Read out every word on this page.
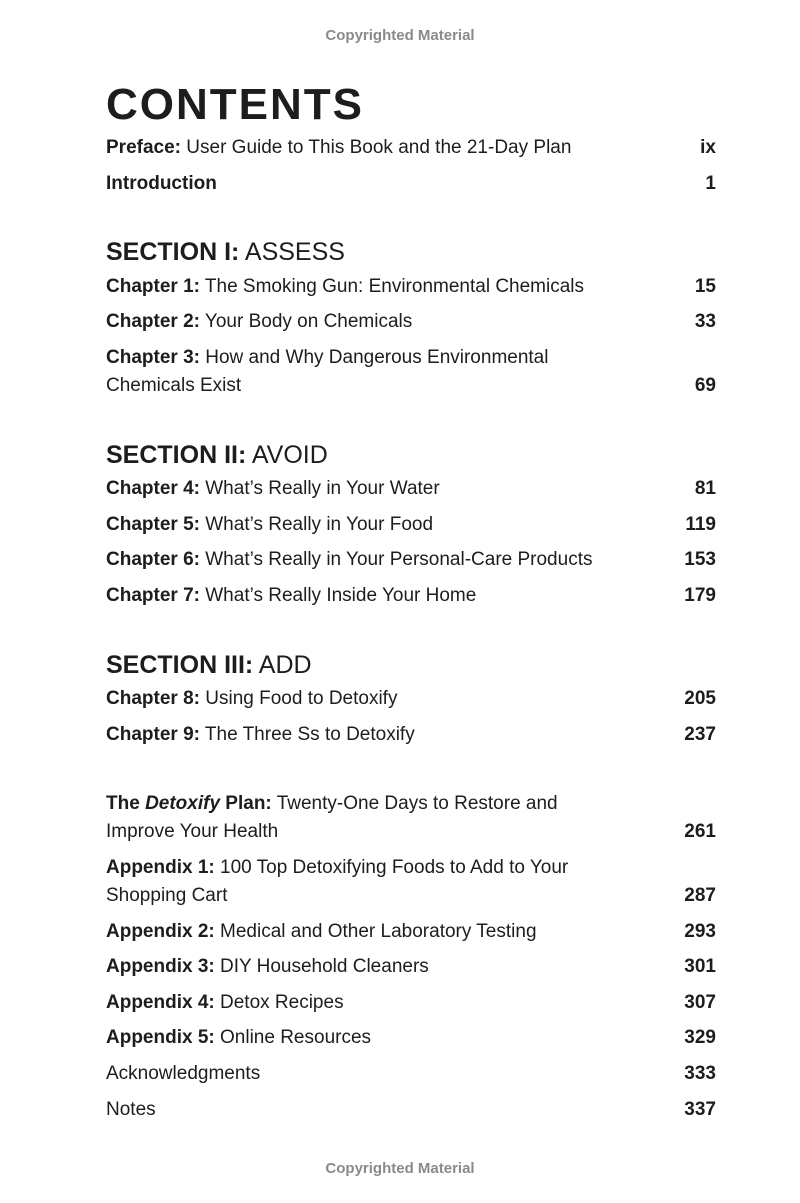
Copyrighted Material
CONTENTS
Preface: User Guide to This Book and the 21-Day Plan	ix
Introduction	1
SECTION I: ASSESS
Chapter 1: The Smoking Gun: Environmental Chemicals	15
Chapter 2: Your Body on Chemicals	33
Chapter 3: How and Why Dangerous Environmental Chemicals Exist	69
SECTION II: AVOID
Chapter 4: What’s Really in Your Water	81
Chapter 5: What’s Really in Your Food	119
Chapter 6: What’s Really in Your Personal-Care Products	153
Chapter 7: What’s Really Inside Your Home	179
SECTION III: ADD
Chapter 8: Using Food to Detoxify	205
Chapter 9: The Three Ss to Detoxify	237
The Detoxify Plan: Twenty-One Days to Restore and Improve Your Health	261
Appendix 1: 100 Top Detoxifying Foods to Add to Your Shopping Cart	287
Appendix 2: Medical and Other Laboratory Testing	293
Appendix 3: DIY Household Cleaners	301
Appendix 4: Detox Recipes	307
Appendix 5: Online Resources	329
Acknowledgments	333
Notes	337
Copyrighted Material
